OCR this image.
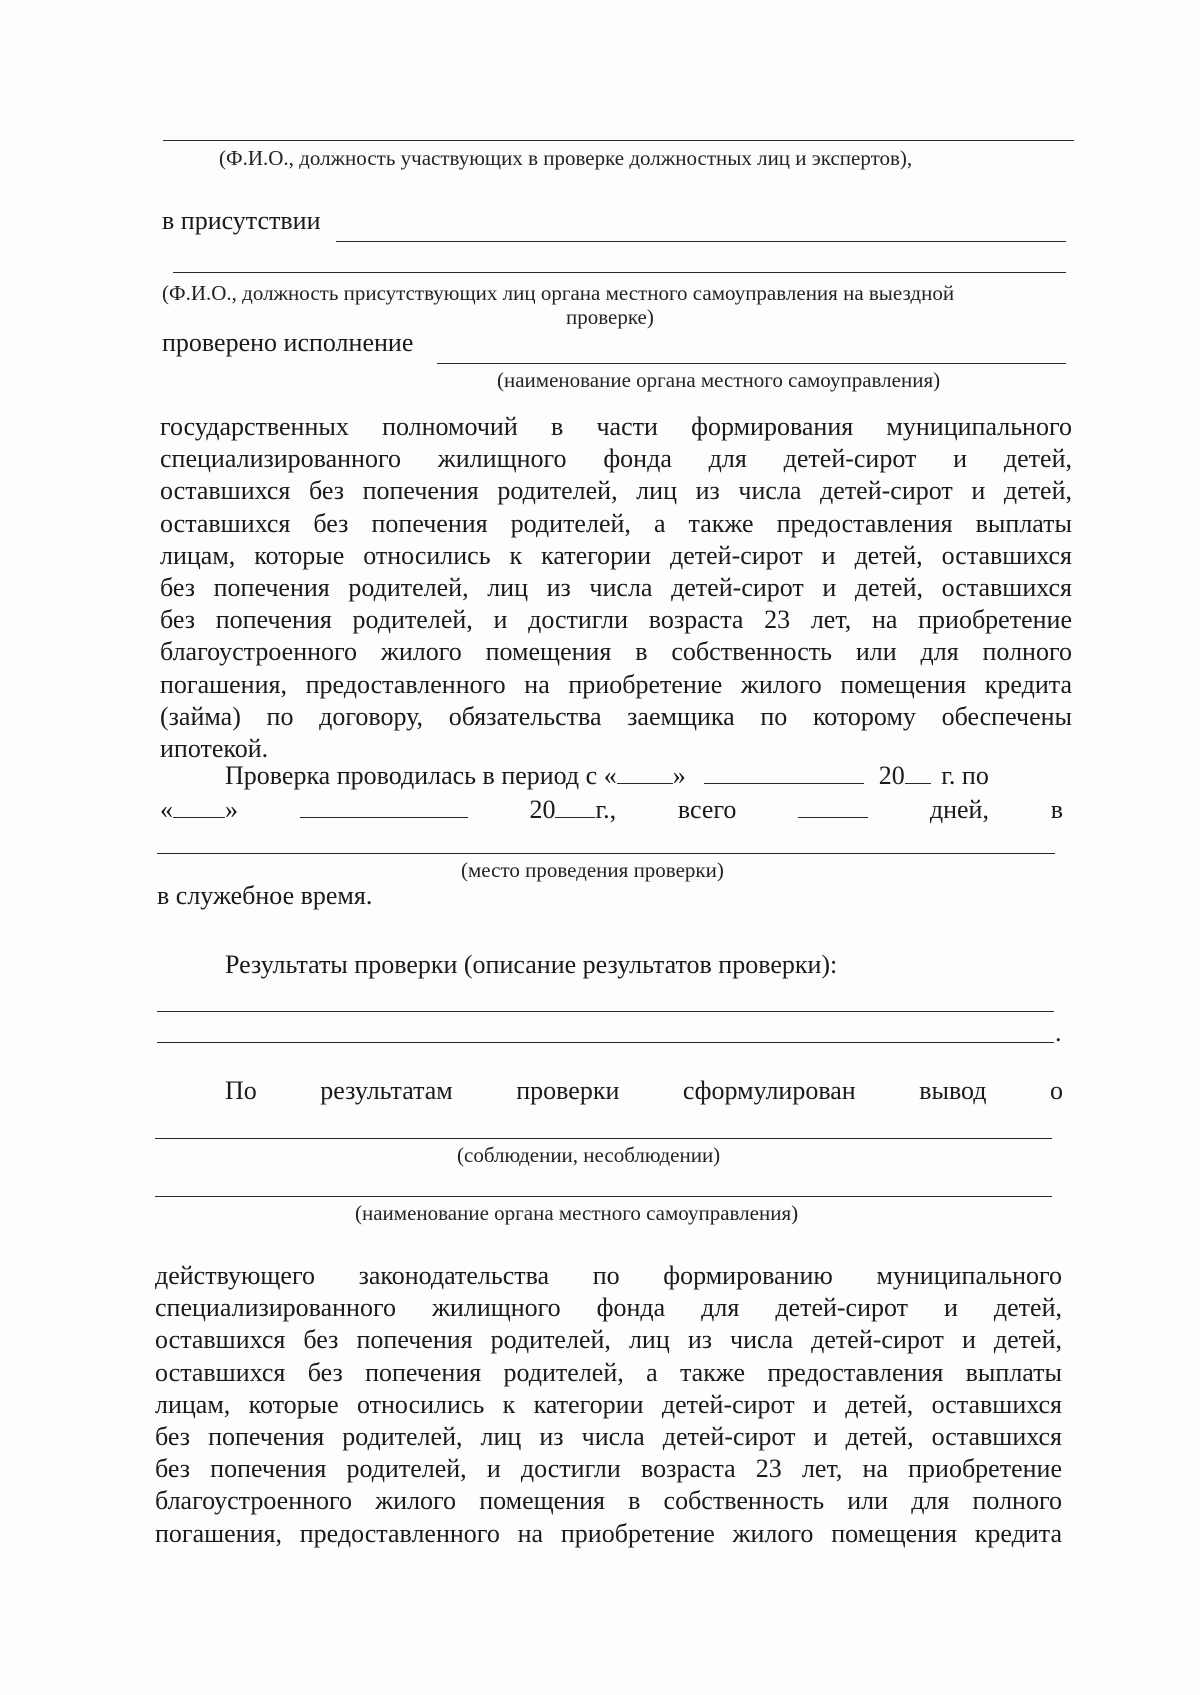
(Ф.И.О., должность участвующих в проверке должностных лиц и экспертов),
в присутствии
(Ф.И.О., должность присутствующих лиц органа местного самоуправления на выездной
проверке)
проверено исполнение
(наименование органа местного самоуправления)
государственных полномочий в части формирования муниципального
специализированного жилищного фонда для детей-сирот и детей,
оставшихся без попечения родителей, лиц из числа детей-сирот и детей,
оставшихся без попечения родителей, а также предоставления выплаты
лицам, которые относились к категории детей-сирот и детей, оставшихся
без попечения родителей, лиц из числа детей-сирот и детей, оставшихся
без попечения родителей, и достигли возраста 23 лет, на приобретение
благоустроенного жилого помещения в собственность или для полного
погашения, предоставленного на приобретение жилого помещения кредита
(займа) по договору, обязательства заемщика по которому обеспечены
ипотекой.
Проверка проводилась в период с « »	20 г. по
« »	20 г., всего	дней, в
(место проведения проверки)
в служебное время.
Результаты проверки (описание результатов проверки):
.
По результатам проверки сформулирован вывод о
(соблюдении, несоблюдении)
(наименование органа местного самоуправления)
действующего законодательства по формированию муниципального
специализированного жилищного фонда для детей-сирот и детей,
оставшихся без попечения родителей, лиц из числа детей-сирот и детей,
оставшихся без попечения родителей, а также предоставления выплаты
лицам, которые относились к категории детей-сирот и детей, оставшихся
без попечения родителей, лиц из числа детей-сирот и детей, оставшихся
без попечения родителей, и достигли возраста 23 лет, на приобретение
благоустроенного жилого помещения в собственность или для полного
погашения, предоставленного на приобретение жилого помещения кредита
